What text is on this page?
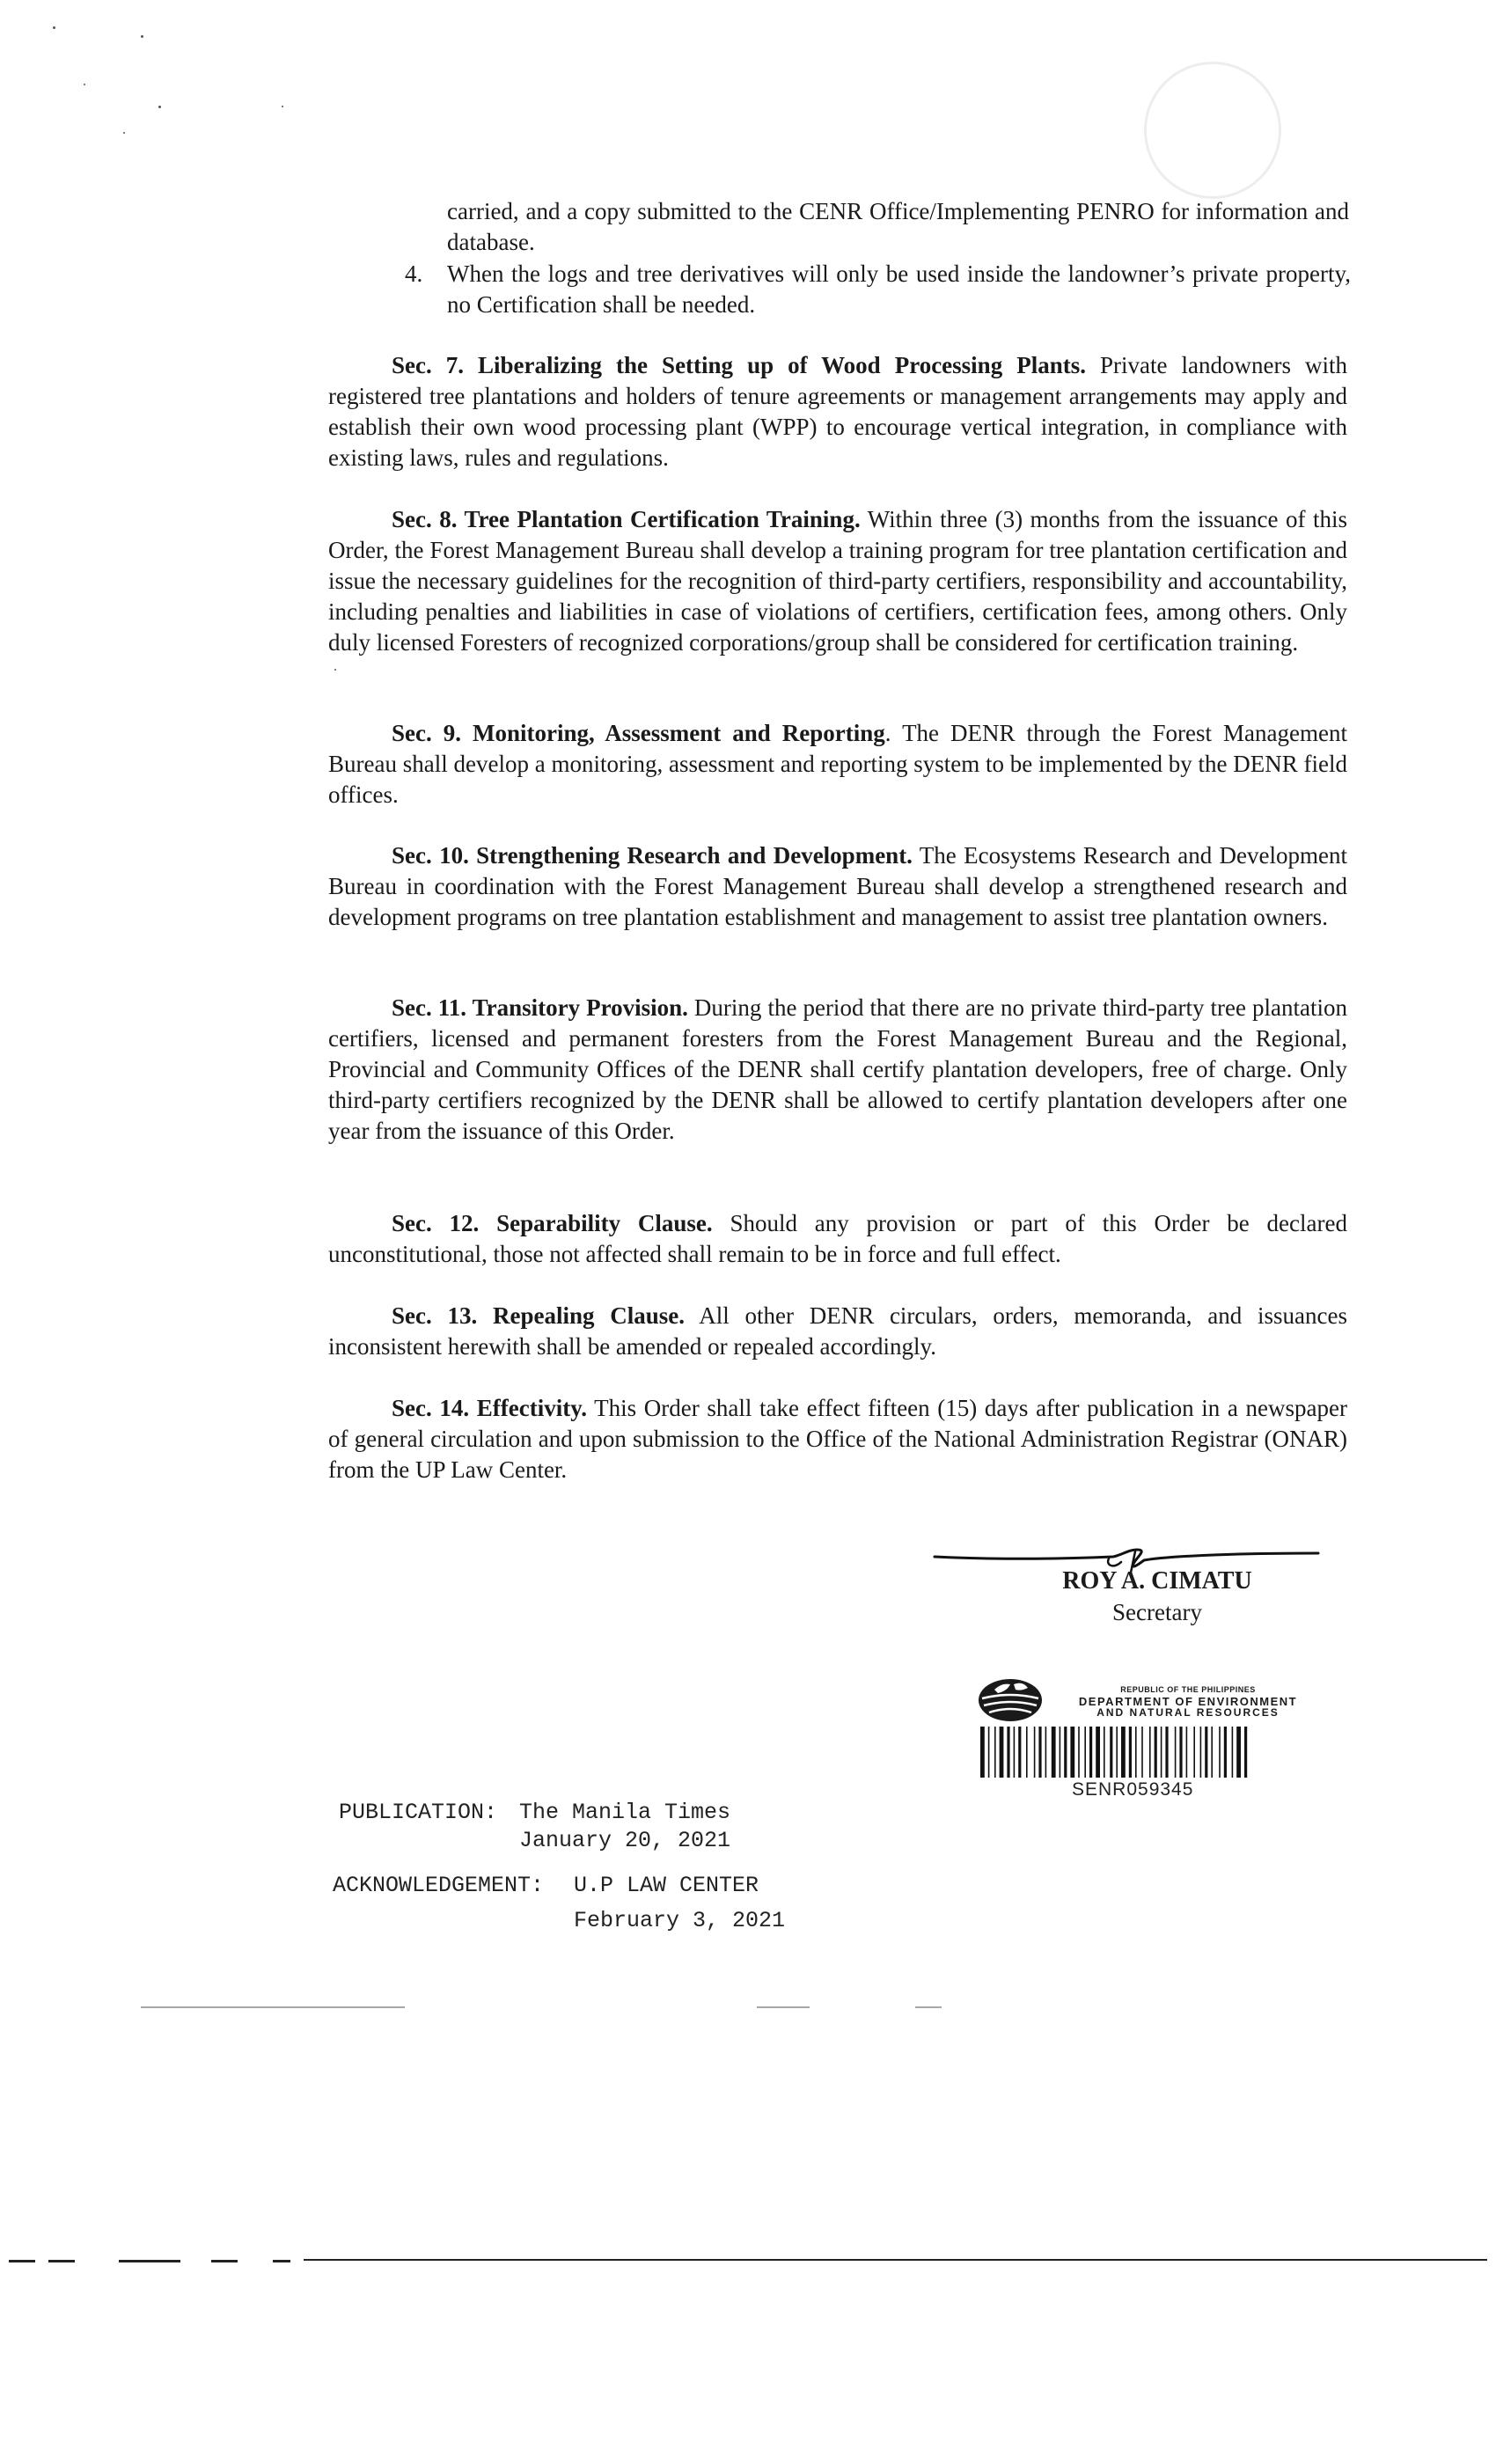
carried, and a copy submitted to the CENR Office/Implementing PENRO for information and database.
4.	When the logs and tree derivatives will only be used inside the landowner’s private property, no Certification shall be needed.

Sec. 7. Liberalizing the Setting up of Wood Processing Plants. Private landowners with registered tree plantations and holders of tenure agreements or management arrangements may apply and establish their own wood processing plant (WPP) to encourage vertical integration, in compliance with existing laws, rules and regulations.

Sec. 8. Tree Plantation Certification Training. Within three (3) months from the issuance of this Order, the Forest Management Bureau shall develop a training program for tree plantation certification and issue the necessary guidelines for the recognition of third-party certifiers, responsibility and accountability, including penalties and liabilities in case of violations of certifiers, certification fees, among others. Only duly licensed Foresters of recognized corporations/group shall be considered for certification training.

Sec. 9. Monitoring, Assessment and Reporting. The DENR through the Forest Management Bureau shall develop a monitoring, assessment and reporting system to be implemented by the DENR field offices.

Sec. 10. Strengthening Research and Development. The Ecosystems Research and Development Bureau in coordination with the Forest Management Bureau shall develop a strengthened research and development programs on tree plantation establishment and management to assist tree plantation owners.

Sec. 11. Transitory Provision. During the period that there are no private third-party tree plantation certifiers, licensed and permanent foresters from the Forest Management Bureau and the Regional, Provincial and Community Offices of the DENR shall certify plantation developers, free of charge. Only third-party certifiers recognized by the DENR shall be allowed to certify plantation developers after one year from the issuance of this Order.

Sec. 12. Separability Clause. Should any provision or part of this Order be declared unconstitutional, those not affected shall remain to be in force and full effect.

Sec. 13. Repealing Clause. All other DENR circulars, orders, memoranda, and issuances inconsistent herewith shall be amended or repealed accordingly.

Sec. 14. Effectivity. This Order shall take effect fifteen (15) days after publication in a newspaper of general circulation and upon submission to the Office of the National Administration Registrar (ONAR) from the UP Law Center.

ROY A. CIMATU
Secretary
REPUBLIC OF THE PHILIPPINES
DEPARTMENT OF ENVIRONMENT
AND NATURAL RESOURCES
SENR059345
PUBLICATION: The Manila Times
January 20, 2021
ACKNOWLEDGEMENT: U.P LAW CENTER
February 3, 2021
